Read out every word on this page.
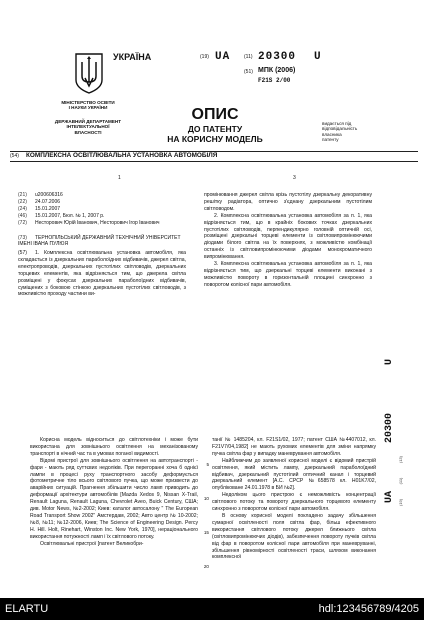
УКРАЇНА
МІНІСТЕРСТВО ОСВІТИ
І НАУКИ УКРАЇНИ
ДЕРЖАВНИЙ ДЕПАРТАМЕНТ
ІНТЕЛЕКТУАЛЬНОЇ
ВЛАСНОСТІ
(19) UA	(11) 20300 U
(51) МПК (2006)
F21S 2/00
ОПИС
ДО ПАТЕНТУ
НА КОРИСНУ МОДЕЛЬ
видається під
відповідальність
власника
патенту
(54) КОМПЛЕКСНА ОСВІТЛЮВАЛЬНА УСТАНОВКА АВТОМОБІЛЯ
1	3
(21) u200606316
(22) 24.07.2006
(24) 15.01.2007
(46) 15.01.2007, Бюл. № 1, 2007 р.
(72) Несторович Юрій Іванович, Несторович Ігор Іванович
(73) ТЕРНОПІЛЬСЬКИЙ ДЕРЖАВНИЙ ТЕХНІЧНИЙ УНІВЕРСИТЕТ ІМЕНІ ІВАНА ПУЛЮЯ
(57) 1. Комплексна освітлювальна установка автомобіля, яка складається із дзеркальних параболоїдних відбивачів, джерел світла, електропроводів, дзеркальних пустотілих світловодів, дзеркальних торцевих елементів, яка відрізняється тим, що джерела світла розміщені у фокусах дзеркальних параболоїдних відбивачів, суміщених з боковою стінкою дзеркальних пустотілих світловодів, з можливістю проходу частини ви-

промінювання джерел світла крізь пустотілу дзеркальну декоративну решітку радіатора, оптично з'єднану дзеркальним пустотілим світловодом.

2. Комплексна освітлювальна установка автомобіля за п. 1, яка відрізняється тим, що в крайніх бокових точках дзеркальних пустотілих світловодів, перпендикулярно головній оптичній осі, розміщені дзеркальні торцеві елементи із світловипромінюючими діодами білого світла на їх поверхнях, з можливістю комбінації останніх із світловипромінюючими діодами монохроматичного випромінювання.

3. Комплексна освітлювальна установка автомобіля за п. 1, яка відрізняється тим, що дзеркальні торцеві елементи виконані з можливістю повороту в горизонтальній площині синхронно з поворотом колісної пари автомобіля.

UA        20300        U
(19)             (11)             (13)

Корисна модель відноситься до світлотехніки і може бути використана для зовнішнього освітлення на механізованому транспорті в нічний час та в умовах поганої видимості.

Відомі пристрої для зовнішнього освітлення на автотранспорті - фари - мають ряд суттєвих недоліків. При перегоранні хоча б однієї лампи в процесі руху транспортного засобу деформується фотометричне тіло всього світлового пучка, що може призвести до аварійних ситуацій. Прагнення збільшити число ламп приводить до деформації архітектури автомобілів [Mazda Xedos 9, Nissan X-Trail, Renault Laguna, Renault Laguna, Chevrolet Aveo, Buick Century, США; див. Motor News, №2-2002; Киев: каталог автосалону " The European Road Transport Show 2002" Амстердам, 2002; Авто центр № 10-2002; №8, №11; №12-2006, Киев; The Science of Engineering Design. Percy H. Hill. Holt, Rinehart, Winston Inc. New York, 1970], нераціонального використання потужності ламп і їх світлового потоку.

Освітлювальні пристрої [патент Великобри-

5
10
15
20

танії № 1485204, кл. F21S1/02, 1977; патент США №4407012, кл. F21V7/04,1982] не мають рухомих елементів для зміни напрямку пучка світла фар у випадку маневрування автомобіля.

Найближчим до заявленої корисної моделі є відомий пристрій освітлення, який містить лампу, дзеркальний параболоїдний відбивач, дзеркальний пустотілий оптичний канал і торцевий дзеркальний елемент [А.С. СРСР №658578 кл. H01K7/02, опубліковане 24.01.1978 в БИ №2].

Недоліком цього пристрою є неможливість концентрації світлового потоку та повороту дзеркального торцевого елементу синхронно з поворотом колісної пари автомобіля.

В основу корисної моделі покладено задачу збільшення сумарної освітленості поля світла фар, більш ефективного використання світлового потоку джерел ближнього світла (світловипромінюючих діодів), забезпечення повороту пучків світла від фар в поворотом колісної пари автомобіля при маневруванні, збільшення рівномірності освітленості траси, шляхом виконання комплексної

ELARTU	hdl:123456789/4205
